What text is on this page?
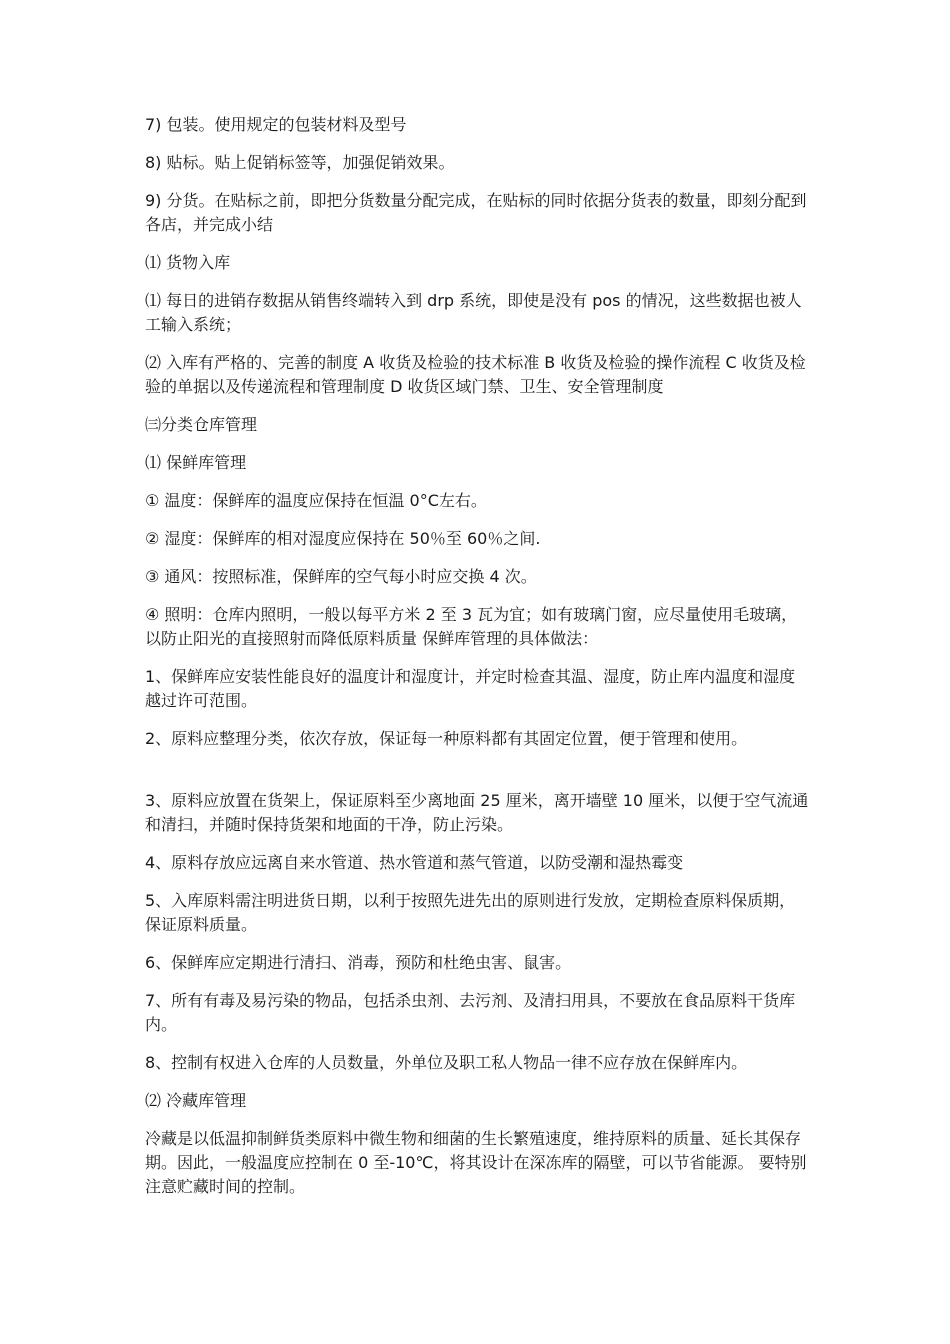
7) 包装。使用规定的包装材料及型号

8) 贴标。贴上促销标签等，加强促销效果。

9) 分货。在贴标之前，即把分货数量分配完成，在贴标的同时依据分货表的数量，即刻分配到各店，并完成小结

⑴ 货物入库

⑴ 每日的进销存数据从销售终端转入到 drp 系统，即使是没有 pos 的情况，这些数据也被人工输入系统；

⑵ 入库有严格的、完善的制度 A 收货及检验的技术标准 B 收货及检验的操作流程 C 收货及检验的单据以及传递流程和管理制度 D 收货区域门禁、卫生、安全管理制度

㈢分类仓库管理

⑴ 保鲜库管理

① 温度：保鲜库的温度应保持在恒温 0°C左右。

② 湿度：保鲜库的相对湿度应保持在 50％至 60％之间.

③ 通风：按照标准，保鲜库的空气每小时应交换 4 次。

④ 照明：仓库内照明，一般以每平方米 2 至 3 瓦为宜；如有玻璃门窗，应尽量使用毛玻璃，以防止阳光的直接照射而降低原料质量 保鲜库管理的具体做法：

1、保鲜库应安装性能良好的温度计和湿度计，并定时检查其温、湿度，防止库内温度和湿度越过许可范围。

2、原料应整理分类，依次存放，保证每一种原料都有其固定位置，便于管理和使用。

3、原料应放置在货架上，保证原料至少离地面 25 厘米，离开墙壁 10 厘米，以便于空气流通和清扫，并随时保持货架和地面的干净，防止污染。

4、原料存放应远离自来水管道、热水管道和蒸气管道，以防受潮和湿热霉变

5、入库原料需注明进货日期，以利于按照先进先出的原则进行发放，定期检查原料保质期，保证原料质量。

6、保鲜库应定期进行清扫、消毒，预防和杜绝虫害、鼠害。

7、所有有毒及易污染的物品，包括杀虫剂、去污剂、及清扫用具，不要放在食品原料干货库内。

8、控制有权进入仓库的人员数量，外单位及职工私人物品一律不应存放在保鲜库内。

⑵ 冷藏库管理

冷藏是以低温抑制鲜货类原料中微生物和细菌的生长繁殖速度，维持原料的质量、延长其保存期。因此，一般温度应控制在 0 至-10℃，将其设计在深冻库的隔壁，可以节省能源。 要特别注意贮藏时间的控制。
